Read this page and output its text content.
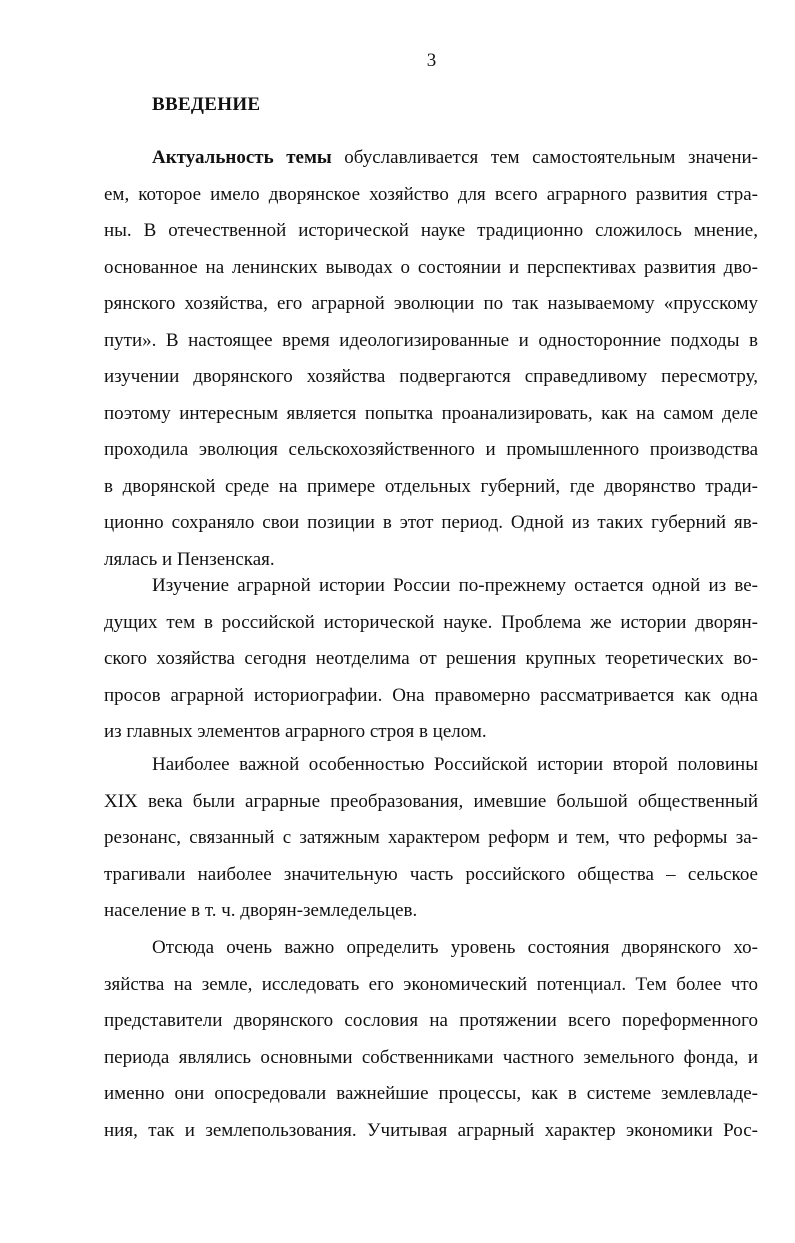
3
ВВЕДЕНИЕ
Актуальность темы обуславливается тем самостоятельным значени-
ем, которое имело дворянское хозяйство для всего аграрного развития стра-
ны. В отечественной исторической науке традиционно сложилось мнение,
основанное на ленинских выводах о состоянии и перспективах развития дво-
рянского хозяйства, его аграрной эволюции по так называемому «прусскому
пути». В настоящее время идеологизированные и односторонние подходы в
изучении дворянского хозяйства подвергаются справедливому пересмотру,
поэтому интересным является попытка проанализировать, как на самом деле
проходила эволюция сельскохозяйственного и промышленного производства
в дворянской среде на примере отдельных губерний, где дворянство тради-
ционно сохраняло свои позиции в этот период. Одной из таких губерний яв-
лялась и Пензенская.
Изучение аграрной истории России по-прежнему остается одной из ве-
дущих тем в российской исторической науке. Проблема же истории дворян-
ского хозяйства сегодня неотделима от решения крупных теоретических во-
просов аграрной историографии. Она правомерно рассматривается как одна
из главных элементов аграрного строя в целом.
Наиболее важной особенностью Российской истории второй половины
XIX века были аграрные преобразования, имевшие большой общественный
резонанс, связанный с затяжным характером реформ и тем, что реформы за-
трагивали наиболее значительную часть российского общества – сельское
население в т. ч. дворян-земледельцев.
Отсюда очень важно определить уровень состояния дворянского хо-
зяйства на земле, исследовать его экономический потенциал. Тем более что
представители дворянского сословия на протяжении всего пореформенного
периода являлись основными собственниками частного земельного фонда, и
именно они опосредовали важнейшие процессы, как в системе землевладе-
ния, так и землепользования. Учитывая аграрный характер экономики Рос-
